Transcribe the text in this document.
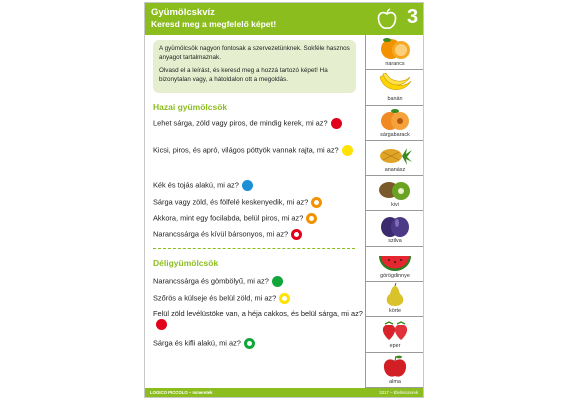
Gyümölcskvíz
Keresd meg a megfelelő képet!	3

A gyümölcsök nagyon fontosak a szervezetünknek. Sokféle hasznos anyagot tartalmaznak.

Olvasd el a leírást, és keresd meg a hozzá tartozó képet! Ha bizonytalan vagy, a hátoldalon ott a megoldás.

Hazai gyümölcsök
Lehet sárga, zöld vagy piros, de mindig kerek, mi az?
Kicsi, piros, és apró, világos pöttyök vannak rajta, mi az?
Kék és tojás alakú, mi az?
Sárga vagy zöld, és fölfelé keskenyedik, mi az?
Akkora, mint egy focilabda, belül piros, mi az?
Narancssárga és kívül bársonyos, mi az?
Déligyümölcsök
Narancssárga és gömbölyű, mi az?
Szőrös a külseje és belül zöld, mi az?
Felül zöld levélüstöke van, a héja cakkos, és belül sárga, mi az?
Sárga és kifli alakú, mi az?
narancs
banán
sárgabarack
ananász
kivi
szilva
görögdinnye
körte
eper
alma
LOGICO PICCOLO – Ismeretek	3317 – Élelmiszerek
